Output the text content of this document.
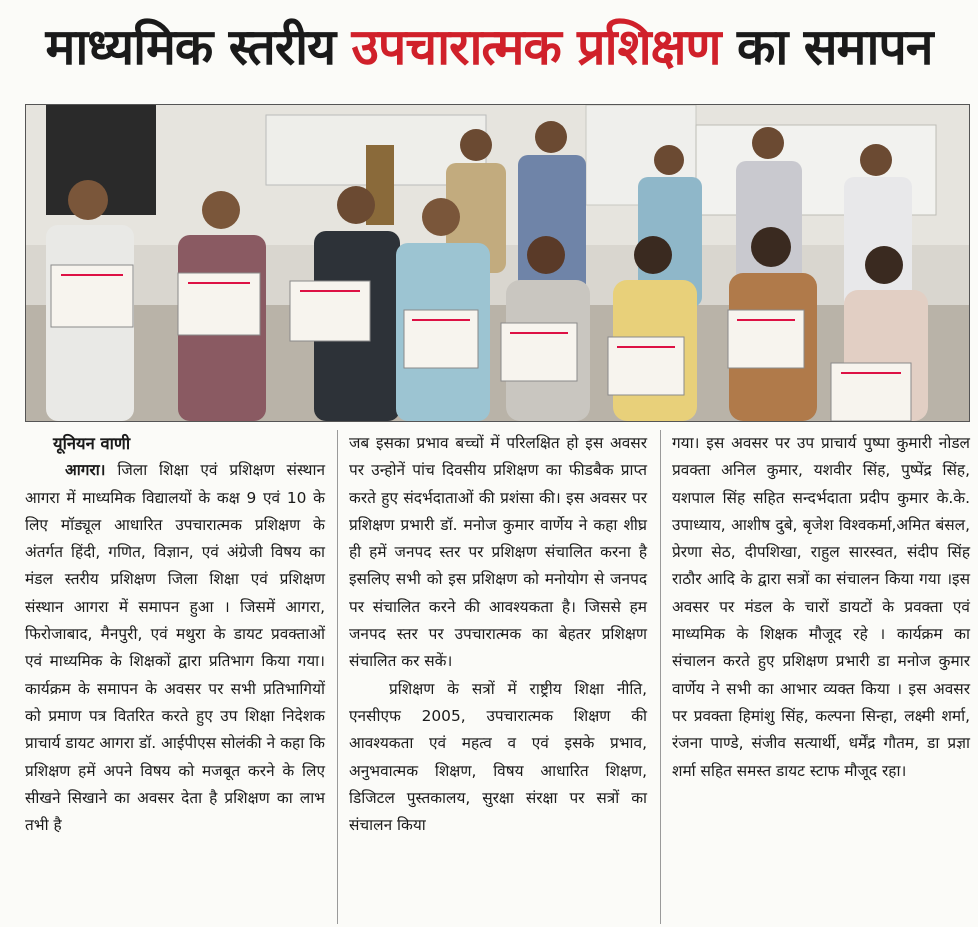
माध्यमिक स्तरीय उपचारात्मक प्रशिक्षण का समापन
यूनियन वाणी

आगरा। जिला शिक्षा एवं प्रशिक्षण संस्थान आगरा में माध्यमिक विद्यालयों के कक्ष 9 एवं 10 के लिए मॉड्यूल आधारित उपचारात्मक प्रशिक्षण के अंतर्गत हिंदी, गणित, विज्ञान, एवं अंग्रेजी विषय का मंडल स्तरीय प्रशिक्षण जिला शिक्षा एवं प्रशिक्षण संस्थान आगरा में समापन हुआ । जिसमें आगरा, फिरोजाबाद, मैनपुरी, एवं मथुरा के डायट प्रवक्ताओं एवं माध्यमिक के शिक्षकों द्वारा प्रतिभाग किया गया। कार्यक्रम के समापन के अवसर पर सभी प्रतिभागियों को प्रमाण पत्र वितरित करते हुए उप शिक्षा निदेशक प्राचार्य डायट आगरा डॉ. आईपीएस सोलंकी ने कहा कि प्रशिक्षण हमें अपने विषय को मजबूत करने के लिए सीखने सिखाने का अवसर देता है प्रशिक्षण का लाभ तभी है

जब इसका प्रभाव बच्चों में परिलक्षित हो इस अवसर पर उन्होनें पांच दिवसीय प्रशिक्षण का फीडबैक प्राप्त करते हुए संदर्भदाताओं की प्रशंसा की। इस अवसर पर प्रशिक्षण प्रभारी डॉ. मनोज कुमार वार्णेय ने कहा शीघ्र ही हमें जनपद स्तर पर प्रशिक्षण संचालित करना है इसलिए सभी को इस प्रशिक्षण को मनोयोग से जनपद पर संचालित करने की आवश्यकता है। जिससे हम जनपद स्तर पर उपचारात्मक का बेहतर प्रशिक्षण संचालित कर सकें।

प्रशिक्षण के सत्रों में राष्ट्रीय शिक्षा नीति, एनसीएफ 2005, उपचारात्मक शिक्षण की आवश्यकता एवं महत्व व एवं इसके प्रभाव, अनुभवात्मक शिक्षण, विषय आधारित शिक्षण, डिजिटल पुस्तकालय, सुरक्षा संरक्षा पर सत्रों का संचालन किया

गया। इस अवसर पर उप प्राचार्य पुष्पा कुमारी नोडल प्रवक्ता अनिल कुमार, यशवीर सिंह, पुष्पेंद्र सिंह, यशपाल सिंह सहित सन्दर्भदाता प्रदीप कुमार के.के. उपाध्याय, आशीष दुबे, बृजेश विश्वकर्मा,अमित बंसल, प्रेरणा सेठ, दीपशिखा, राहुल सारस्वत, संदीप सिंह राठौर आदि के द्वारा सत्रों का संचालन किया गया ।इस अवसर पर मंडल के चारों डायटों के प्रवक्ता एवं माध्यमिक के शिक्षक मौजूद रहे । कार्यक्रम का संचालन करते हुए प्रशिक्षण प्रभारी डा मनोज कुमार वार्णेय ने सभी का आभार व्यक्त किया । इस अवसर पर प्रवक्ता हिमांशु सिंह, कल्पना सिन्हा, लक्ष्मी शर्मा, रंजना पाण्डे, संजीव सत्यार्थी, धर्मेंद्र गौतम, डा प्रज्ञा शर्मा सहित समस्त डायट स्टाफ मौजूद रहा।
